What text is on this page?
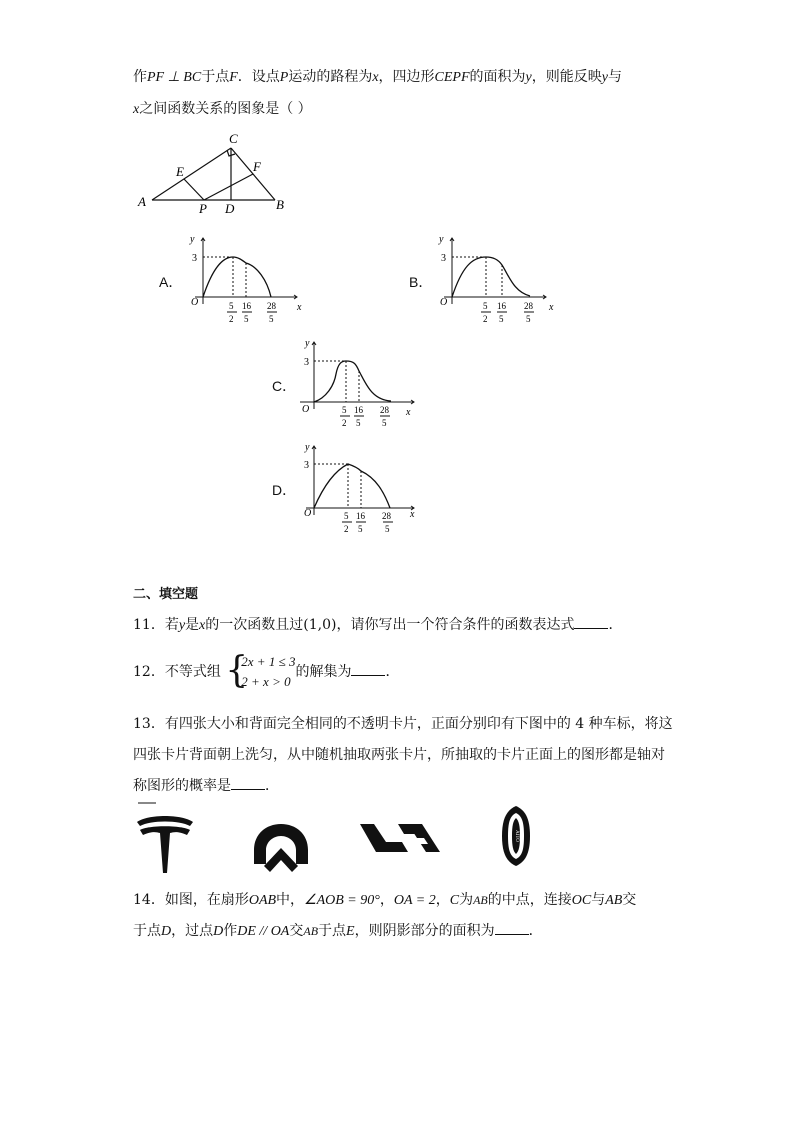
作PF ⊥ BC于点F．设点P运动的路程为x，四边形CEPF的面积为y，则能反映y与
x之间函数关系的图象是（ ）
C
E	F
A	P D	B
A．
y
3
O	x
5
2
16
5
28
5
B．
y
3
O	x
5
2
16
5
28
5
C．
y
3
O	x
5
2
16
5
28
5
D．
y
3
O	x
5
2
16
5
28
5
二、填空题
11．若y是x的一次函数且过(1,0)，请你写出一个符合条件的函数表达式 ．
12．不等式组 {
2x + 1 ≤ 3
2 + x > 0
的解集为 ．
13．有四张大小和背面完全相同的不透明卡片，正面分别印有下图中的 4 种车标，将这
四张卡片背面朝上洗匀，从中随机抽取两张卡片，所抽取的卡片正面上的图形都是轴对
称图形的概率是 ．
AITO
14．如图，在扇形OAB中，∠AOB = 90°，OA = 2，C为AB的中点，连接OC与AB交
于点D，过点D作DE // OA交AB于点E，则阴影部分的面积为 ．
